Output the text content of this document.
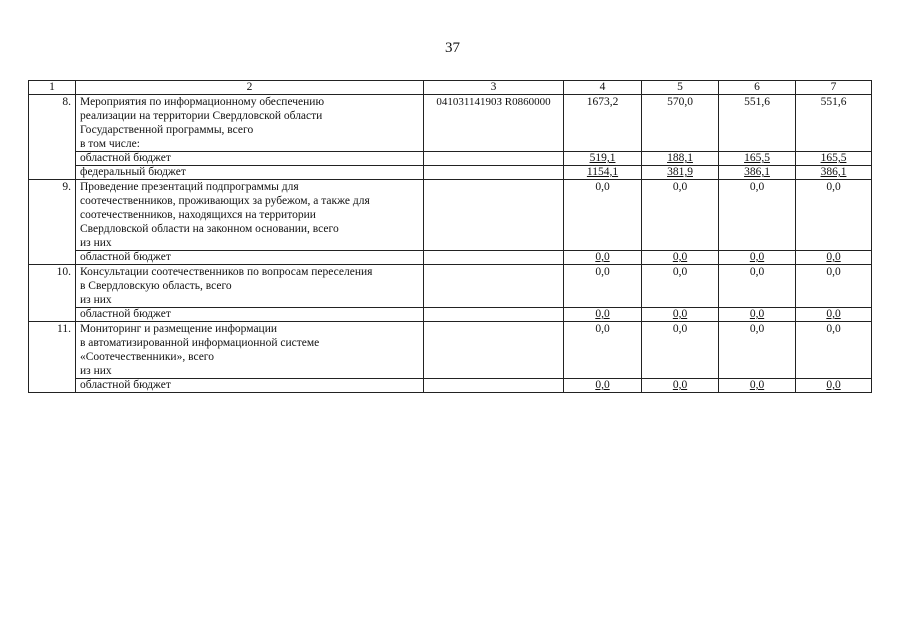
37
1	2	3	4	5	6	7
8.	Мероприятия по информационному обеспечению
реализации на территории Свердловской области
Государственной программы, всего
в том числе:	04103114190З R0860000	1673,2	570,0	551,6	551,6
	областной бюджет		519,1	188,1	165,5	165,5
	федеральный бюджет		1154,1	381,9	386,1	386,1
9.	Проведение презентаций подпрограммы для
соотечественников, проживающих за рубежом, а также для
соотечественников, находящихся на территории
Свердловской области на законном основании, всего
из них		0,0	0,0	0,0	0,0
	областной бюджет		0,0	0,0	0,0	0,0
10.	Консультации соотечественников по вопросам переселения
в Свердловскую область, всего
из них		0,0	0,0	0,0	0,0
	областной бюджет		0,0	0,0	0,0	0,0
11.	Мониторинг и размещение информации
в автоматизированной информационной системе
«Соотечественники», всего
из них		0,0	0,0	0,0	0,0
	областной бюджет		0,0	0,0	0,0	0,0
